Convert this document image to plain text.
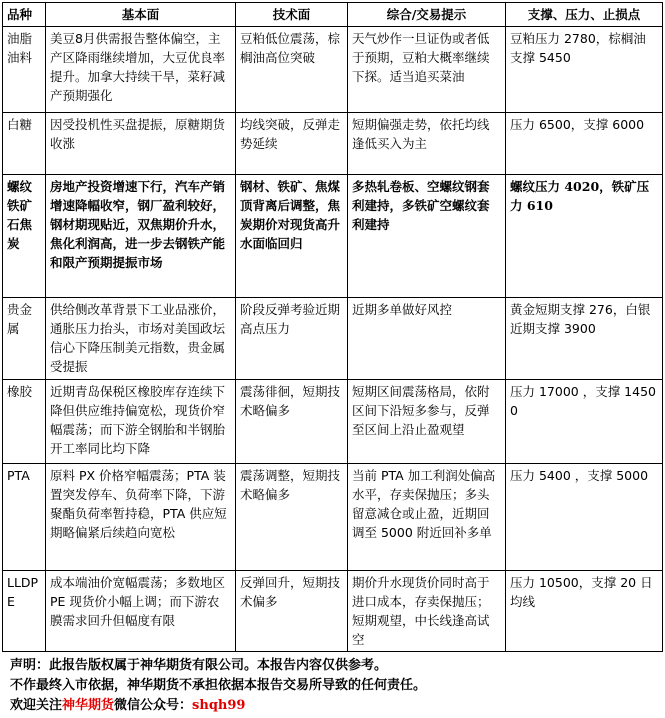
品种	基本面	技术面	综合/交易提示	支撑、压力、止损点
油脂油料	美豆8月供需报告整体偏空，主产区降雨继续增加，大豆优良率提升。加拿大持续干旱，菜籽减产预期强化	豆粕低位震荡，棕榈油高位突破	天气炒作一旦证伪或者低于预期，豆粕大概率继续下探。适当追买菜油	豆粕压力 2780，棕榈油支撑 5450
白糖	因受投机性买盘提振，原糖期货收涨	均线突破，反弹走势延续	短期偏强走势，依托均线逢低买入为主	压力 6500，支撑 6000
螺纹铁矿石焦炭	房地产投资增速下行，汽车产销增速降幅收窄，钢厂盈利较好，钢材期现贴近，双焦期价升水，焦化利润高，进一步去钢铁产能和限产预期提振市场	钢材、铁矿、焦煤顶背离后调整，焦炭期价对现货高升水面临回归	多热轧卷板、空螺纹钢套利建持，多铁矿空螺纹套利建持	螺纹压力 4020，铁矿压力 610
贵金属	供给侧改革背景下工业品涨价，通胀压力抬头，市场对美国政坛信心下降压制美元指数，贵金属受提振	阶段反弹考验近期高点压力	近期多单做好风控	黄金短期支撑 276，白银近期支撑 3900
橡胶	近期青岛保税区橡胶库存连续下降但供应维持偏宽松，现货价窄幅震荡；而下游全钢胎和半钢胎开工率同比均下降	震荡徘徊，短期技术略偏多	短期区间震荡格局，依附区间下沿短多参与，反弹至区间上沿止盈观望	压力 17000 ，支撑 14500
PTA	原料 PX 价格窄幅震荡；PTA 装置突发停车、负荷率下降，下游聚酯负荷率暂持稳，PTA 供应短期略偏紧后续趋向宽松	震荡调整，短期技术略偏多	当前 PTA 加工利润处偏高水平，存卖保抛压；多头留意减仓或止盈，近期回调至 5000 附近回补多单	压力 5400 ，支撑 5000
LLDPE	成本端油价宽幅震荡；多数地区 PE 现货价小幅上调；而下游农膜需求回升但幅度有限	反弹回升，短期技术偏多	期价升水现货价同时高于进口成本，存卖保抛压；短期观望，中长线逢高试空	压力 10500，支撑 20 日均线
声明：此报告版权属于神华期货有限公司。本报告内容仅供参考。
不作最终入市依据，神华期货不承担依据本报告交易所导致的任何责任。
欢迎关注神华期货微信公众号：shqh99
